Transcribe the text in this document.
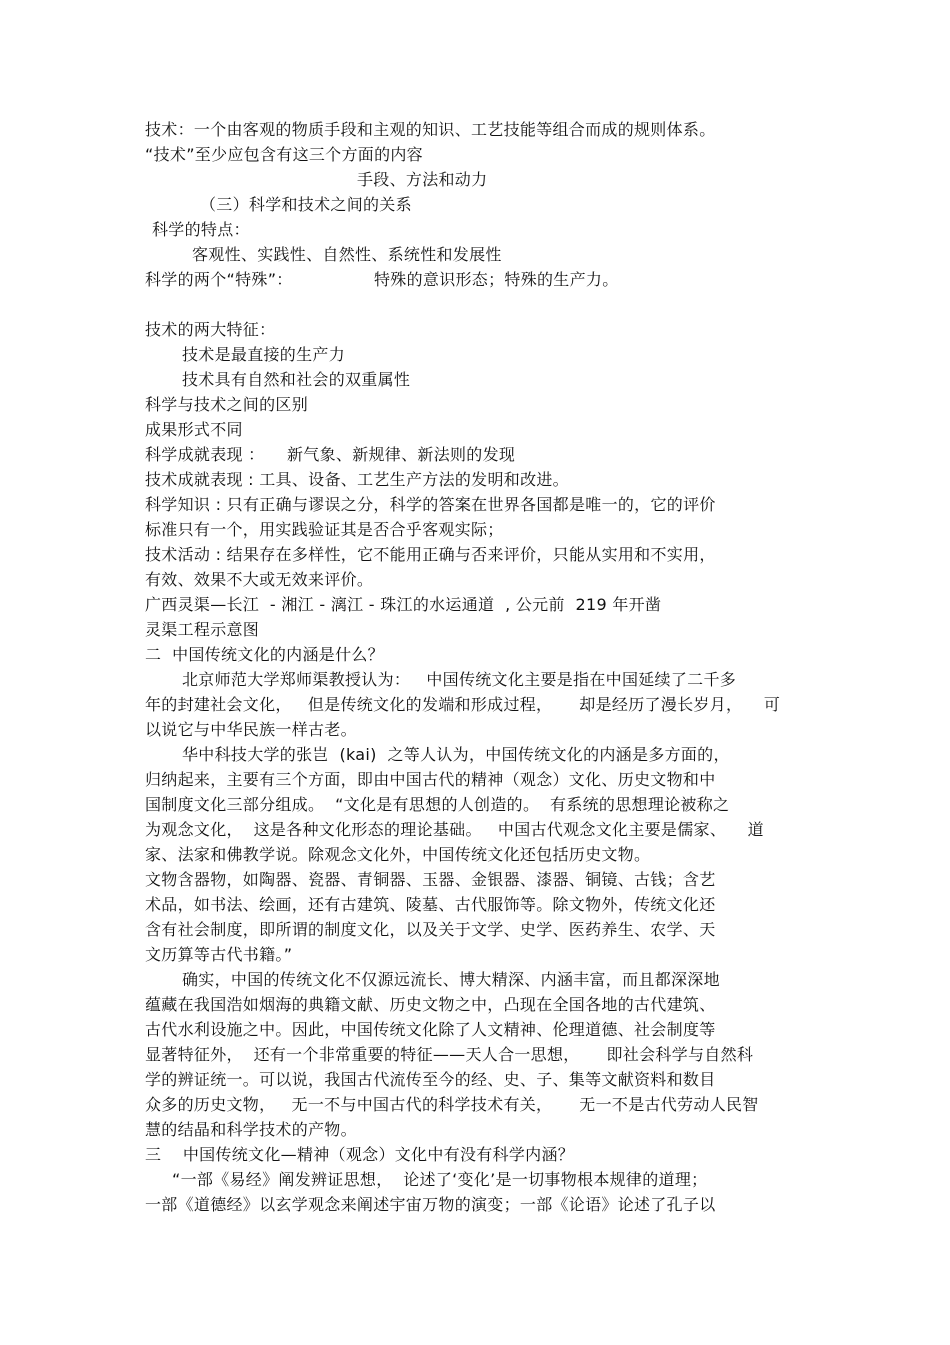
技术：一个由客观的物质手段和主观的知识、工艺技能等组合而成的规则体系。
“技术”至少应包含有这三个方面的内容
手段、方法和动力
（三）科学和技术之间的关系
科学的特点：
客观性、实践性、自然性、系统性和发展性
科学的两个“特殊”：	特殊的意识形态；特殊的生产力。
技术的两大特征：
技术是最直接的生产力
技术具有自然和社会的双重属性
科学与技术之间的区别
成果形式不同
科学成就表现 ： 新气象、新规律、新法则的发现
技术成就表现 : 工具、设备、工艺生产方法的发明和改进。
科学知识 : 只有正确与谬误之分，科学的答案在世界各国都是唯一的，它的评价
标准只有一个，用实践验证其是否合乎客观实际；
技术活动 : 结果存在多样性，它不能用正确与否来评价，只能从实用和不实用，
有效、效果不大或无效来评价。
广西灵渠—长江  - 湘江 - 漓江 - 珠江的水运通道  , 公元前  219 年开凿
灵渠工程示意图
二  中国传统文化的内涵是什么？
北京师范大学郑师渠教授认为：   中国传统文化主要是指在中国延续了二千多
年的封建社会文化，   但是传统文化的发端和形成过程，     却是经历了漫长岁月，    可
以说它与中华民族一样古老。
华中科技大学的张岂  (kai)  之等人认为，中国传统文化的内涵是多方面的，
归纳起来，主要有三个方面，即由中国古代的精神（观念）文化、历史文物和中
国制度文化三部分组成。  “文化是有思想的人创造的。  有系统的思想理论被称之
为观念文化，  这是各种文化形态的理论基础。   中国古代观念文化主要是儒家、    道
家、法家和佛教学说。除观念文化外，中国传统文化还包括历史文物。
文物含器物，如陶器、瓷器、青铜器、玉器、金银器、漆器、铜镜、古钱；含艺
术品，如书法、绘画，还有古建筑、陵墓、古代服饰等。除文物外，传统文化还
含有社会制度，即所谓的制度文化，以及关于文学、史学、医药养生、农学、天
文历算等古代书籍。”
确实，中国的传统文化不仅源远流长、博大精深、内涵丰富，而且都深深地
蕴藏在我国浩如烟海的典籍文献、历史文物之中，凸现在全国各地的古代建筑、
古代水利设施之中。因此，中国传统文化除了人文精神、伦理道德、社会制度等
显著特征外，  还有一个非常重要的特征——天人合一思想，     即社会科学与自然科
学的辨证统一。可以说，我国古代流传至今的经、史、子、集等文献资料和数目
众多的历史文物，   无一不与中国古代的科学技术有关，     无一不是古代劳动人民智
慧的结晶和科学技术的产物。
三    中国传统文化—精神（观念）文化中有没有科学内涵？
“一部《易经》阐发辨证思想，  论述了‘变化’是一切事物根本规律的道理；
一部《道德经》以玄学观念来阐述宇宙万物的演变；一部《论语》论述了孔子以
